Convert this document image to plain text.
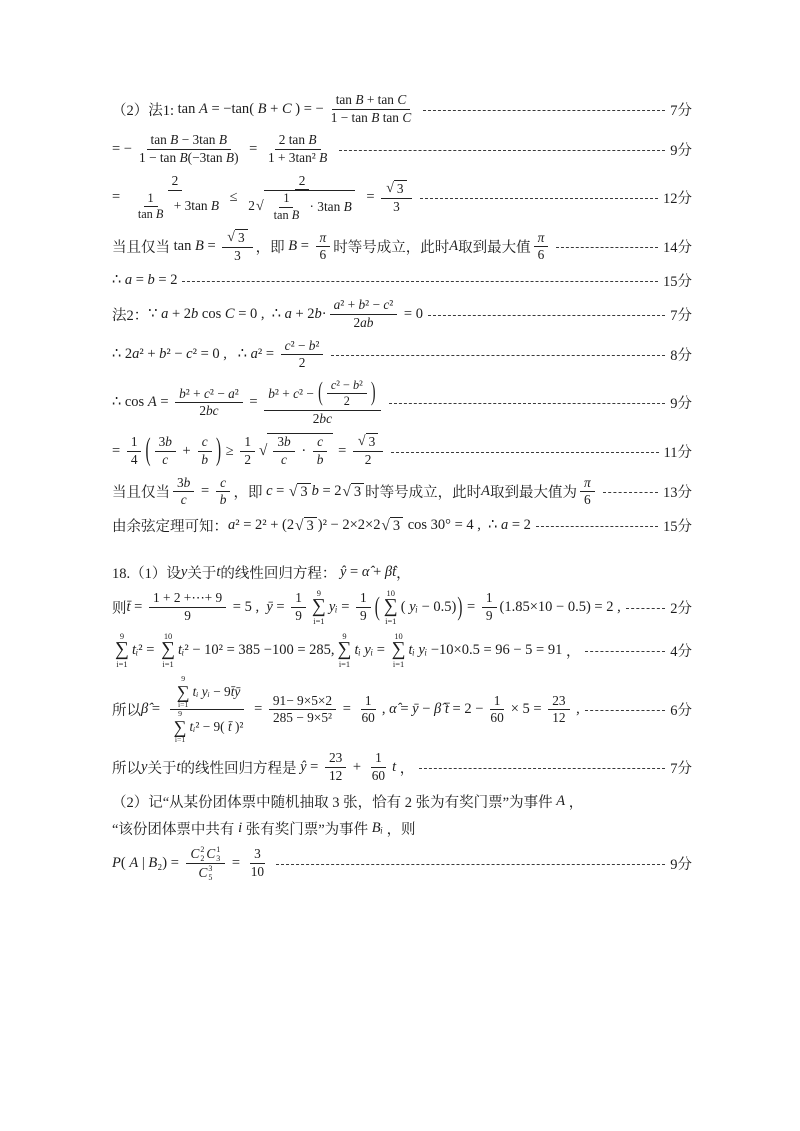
（2）法1: tan A = −tan( B + C ) = − $\frac{\text{tan B + tan C}}{\text{1 − tan B tan C}}$	7分
= − $\frac{\text{tan B − 3tan B}}{\text{1 − tan B(−3tan B)}} = \frac{\text{2 tan B}}{\text{1 + 3tan² B}}$	9分
= $\frac{2}{\frac{1}{\text{tan B}} + 3\tan B} \le \frac{2}{2 √ \frac{1}{\text{tan B}} \cdot 3\tan B} = \frac{√ 3}{3}$	12分
当且仅当 $\tan B = \frac{√ 3}{3}$ ，即 $B = \frac{\pi}{6}$ 时等号成立，此时 A 取到最大值 $\frac{\pi}{6}$	14分
∴ a = b = 2	15分
法2： ∵ a + 2b cos C = 0 ,  ∴ $a + 2b\cdot \frac{\text{a² + b² − c²}}{2ab} = 0$	7分
∴ 2a² + b² − c² = 0 ,   ∴ $a^2 = \frac{\text{c² − b²}}{2}$	8分
∴ $\cos A = \frac{\text{b² + c² − a²}}{2bc} = \frac{b^2 + c^2 - ( \frac{\text{c² − b²}}{2} )}{2bc}$	9分
= $\frac{1}{4}$ ( $\frac{3b}{c} + \frac{c}{b}$ ) ≥ $\frac{1}{2}$ √ $\frac{3b}{c} \cdot \frac{c}{b} = \frac{√ 3}{2}$	11分
当且仅当 $\frac{3b}{c} = \frac{c}{b}$ ，即 c = √ 3 b = 2 √ 3 时等号成立，此时 A 取到最大值为 $\frac{\pi}{6}$	13分
由余弦定理可知： a² = 2² + (2 √ 3 )² − 2×2×2 √ 3 cos 30° = 4 ,  ∴ a = 2	15分
18.（1）设 y 关于 t 的线性回归方程： ŷ = α̂ + β̂t ，
则 t̄ = $\frac{1 + 2 +\cdots+ 9}{9} = 5$ ,  ȳ = $\frac{1}{9} 9$
∑
i=1
yᵢ = $\frac{1}{9}$ ( 10
∑
i=1
( yᵢ − 0.5) ) = $\frac{1}{9} (1.85\times 10 - 0.5) = 2$ ,	2分
9
∑
i=1
tᵢ² =
10
∑
i=1
tᵢ² − 10² = 385 −100 = 285,
9
∑
i=1
tᵢ yᵢ =
10
∑
i=1
tᵢ yᵢ −10×0.5 = 96 − 5 = 91 ，	4分
所以 β̂ = 9
∑
i=1
tᵢ yᵢ − 9t̄ȳ
9
∑
i=1
tᵢ² − 9( t̄ )$^2 = \frac{91- 9\times 5\times 2}{\text{285 − 9×5²}} = \frac{1}{60}$ , α̂ = ȳ − β̂ t̄ = $2 - \frac{1}{60} \times 5 = \frac{23}{12}$ ,	6分
所以 y 关于 t 的线性回归方程是 ŷ = $\frac{23}{12} + \frac{1}{60}$ t ，	7分
（2）记“从某份团体票中随机抽取 3 张，恰有 2 张为有奖门票”为事件 A ，
“该份团体票中共有 i 张有奖门票”为事件 Bᵢ ，则
P( A | B₂) = C 2
2 C 1
3
C 3
$5 = \frac{3}{10}$	9分
